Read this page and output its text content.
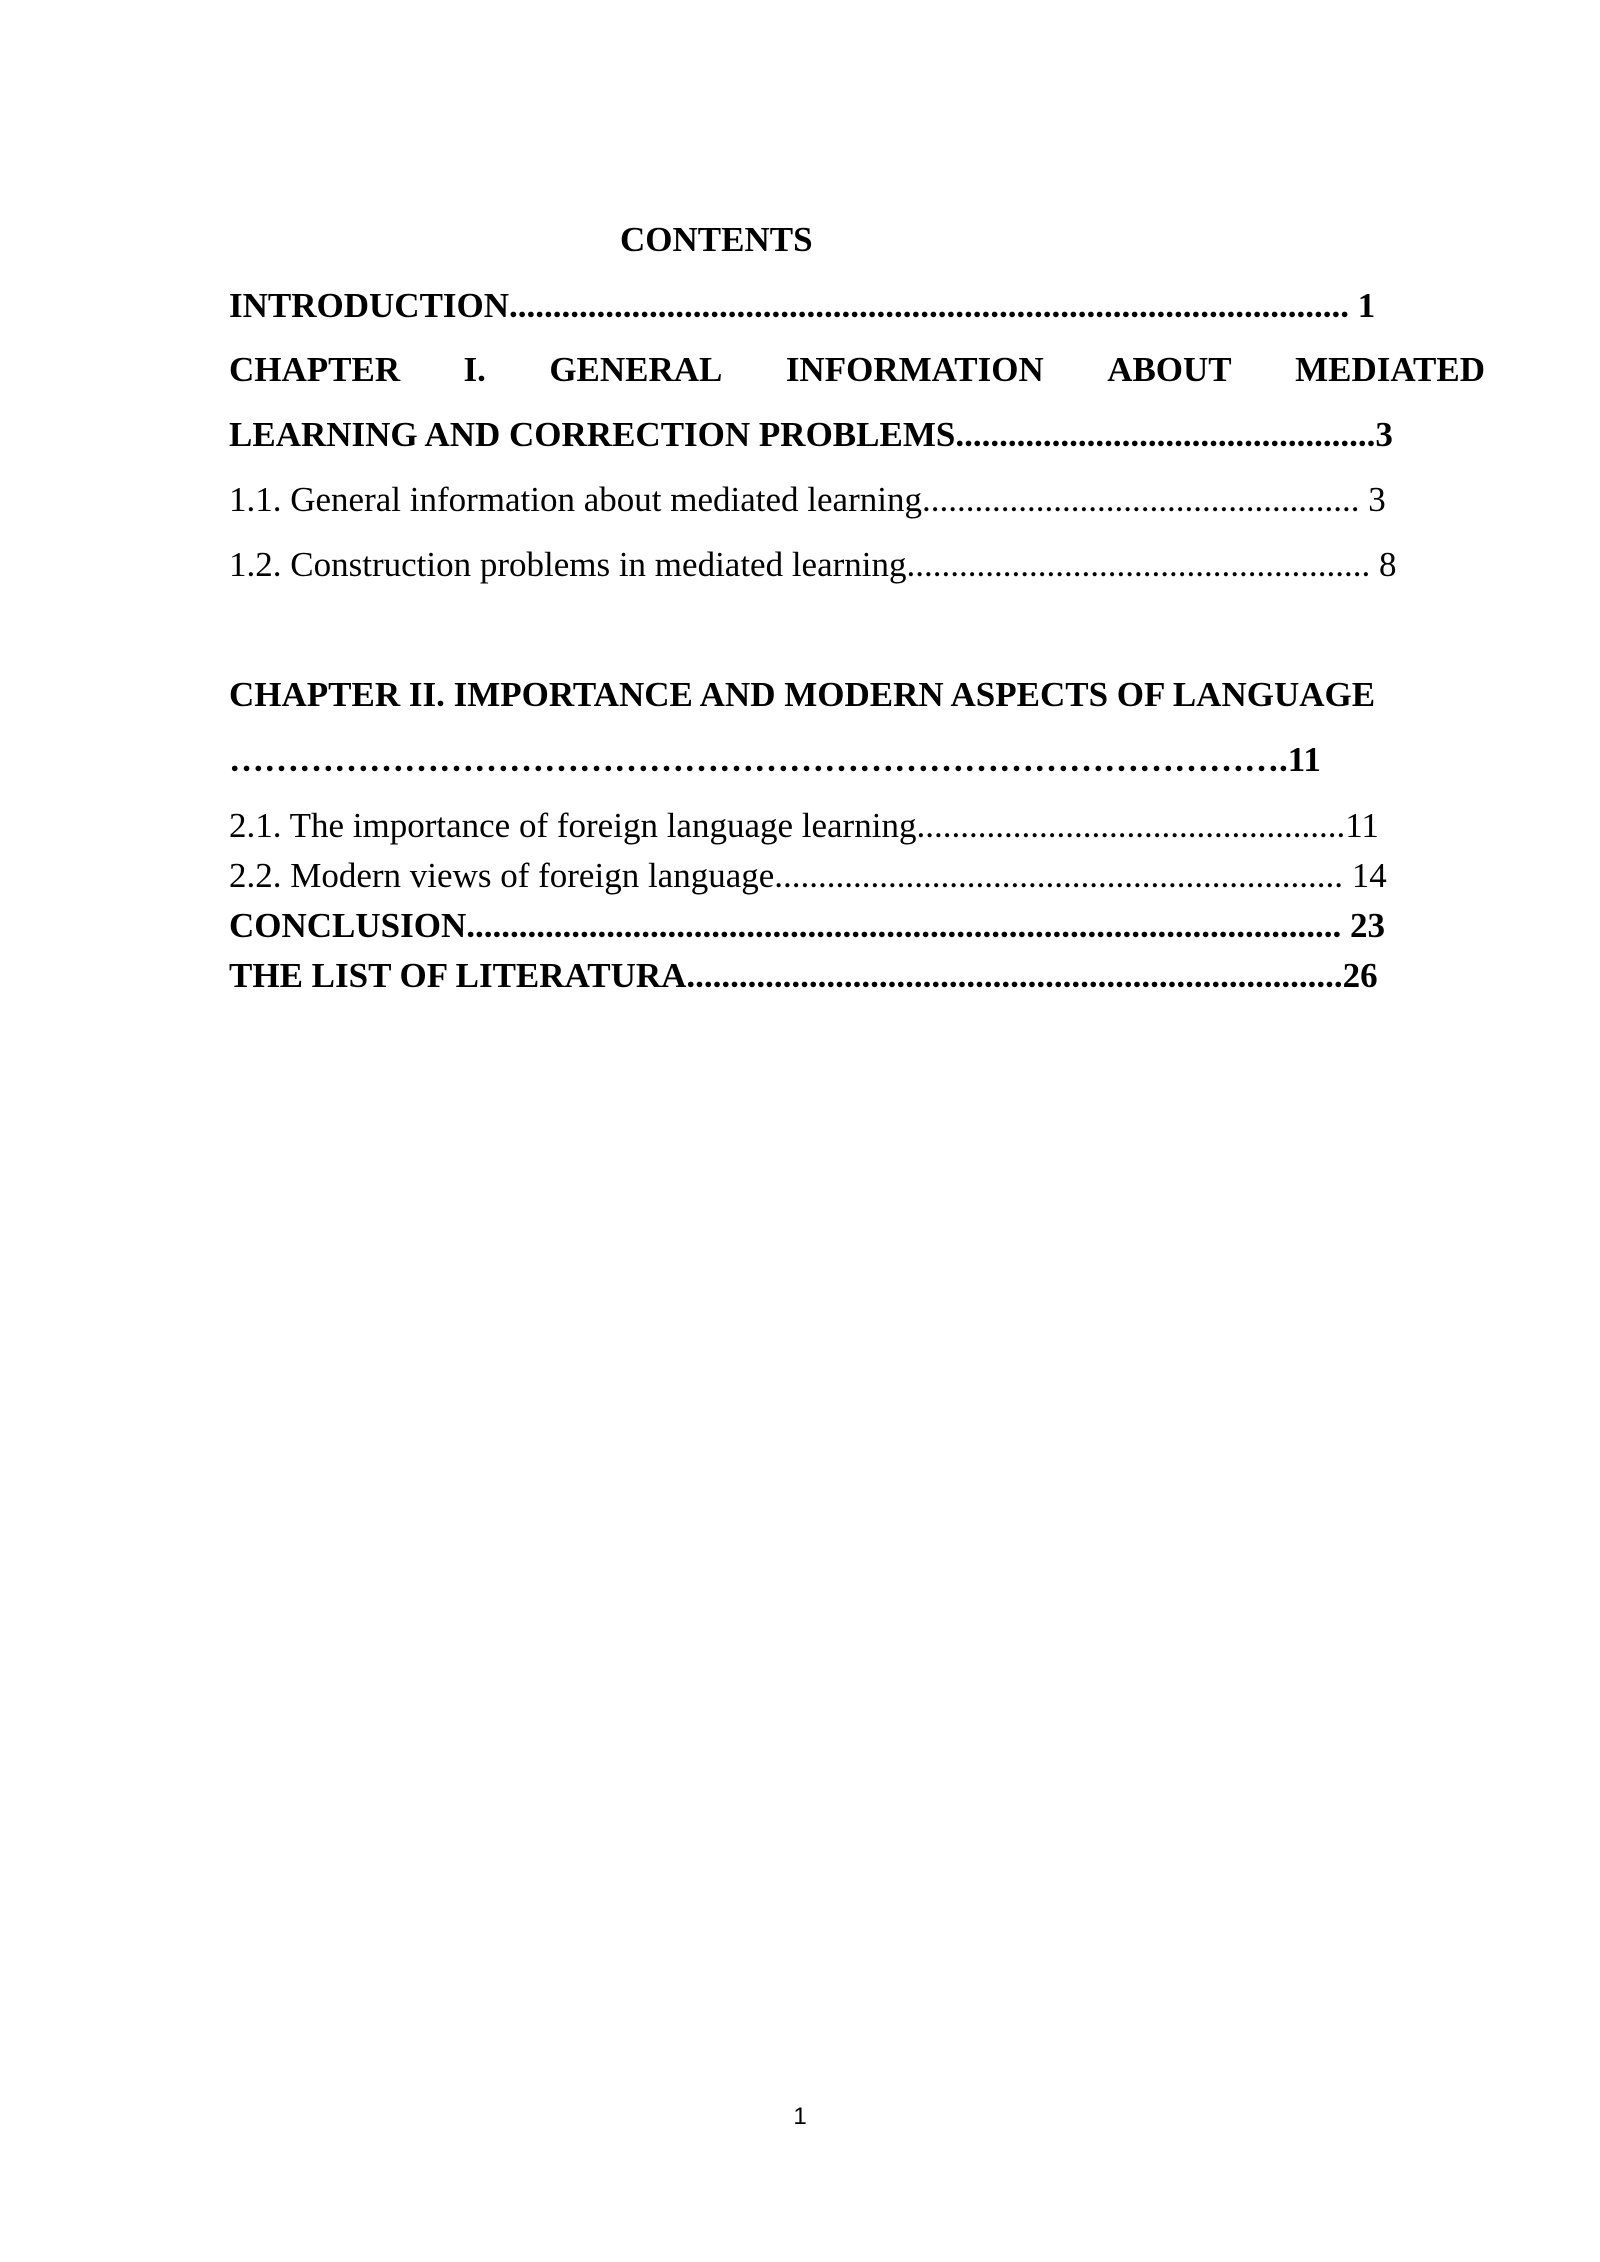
CONTENTS
INTRODUCTION................................................................................................ 1
CHAPTER I. GENERAL INFORMATION ABOUT MEDIATED
LEARNING AND CORRECTION PROBLEMS................................................3
1.1. General information about mediated learning.................................................. 3
1.2. Construction problems in mediated learning..................................................... 8
CHAPTER II. IMPORTANCE AND MODERN ASPECTS OF LANGUAGE
……………………………………………………………………………….11
2.1. The importance of foreign language learning.................................................11
2.2. Modern views of foreign language................................................................. 14
CONCLUSION.................................................................................................... 23
THE LIST OF LITERATURA...........................................................................26
1
